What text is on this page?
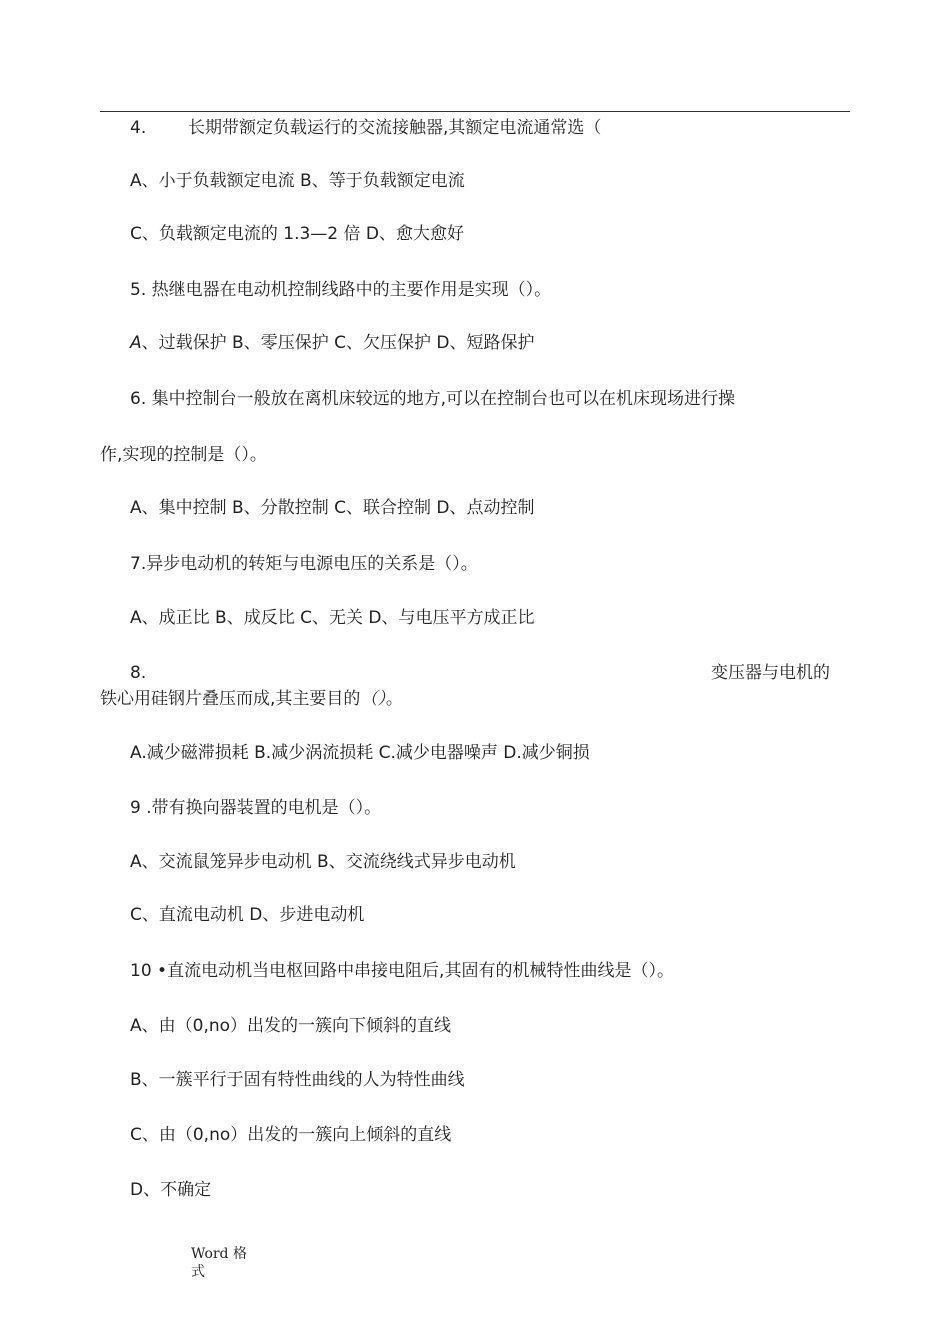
4. 长期带额定负载运行的交流接触器,其额定电流通常选（
A、小于负载额定电流 B、等于负载额定电流
C、负载额定电流的 1.3—2 倍 D、愈大愈好
5. 热继电器在电动机控制线路中的主要作用是实现（）。
A、过载保护 B、零压保护 C、欠压保护 D、短路保护
6. 集中控制台一般放在离机床较远的地方,可以在控制台也可以在机床现场进行操
作,实现的控制是（）。
A、集中控制 B、分散控制 C、联合控制 D、点动控制
7.异步电动机的转矩与电源电压的关系是（）。
A、成正比 B、成反比 C、无关 D、与电压平方成正比
8.	变压器与电机的
铁心用硅钢片叠压而成,其主要目的（）。
A.减少磁滞损耗 B.减少涡流损耗 C.减少电器噪声 D.减少铜损
9 .带有换向器装置的电机是（）。
A、交流鼠笼异步电动机 B、交流绕线式异步电动机
C、直流电动机 D、步进电动机
10 •直流电动机当电枢回路中串接电阻后,其固有的机械特性曲线是（）。
A、由（0,no）出发的一簇向下倾斜的直线
B、一簇平行于固有特性曲线的人为特性曲线
C、由（0,no）出发的一簇向上倾斜的直线
D、不确定
Word 格
式
